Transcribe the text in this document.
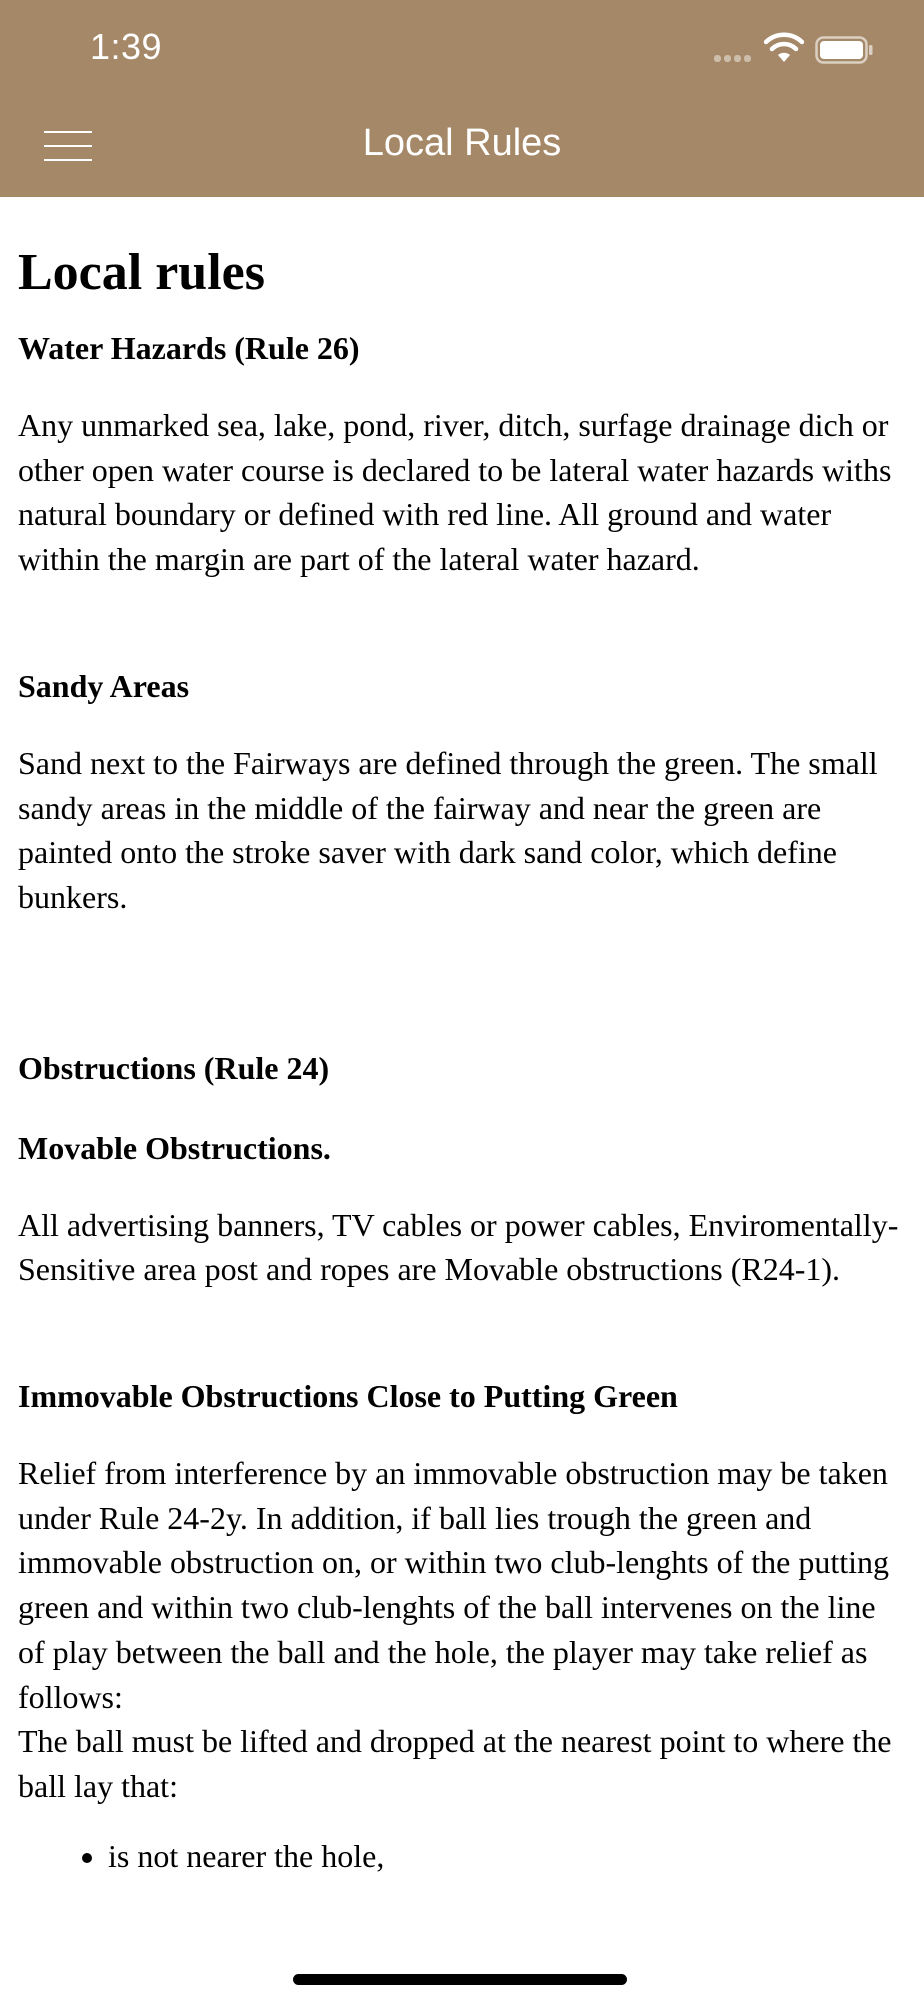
1:39
Local Rules
Local rules
Water Hazards (Rule 26)

Any unmarked sea, lake, pond, river, ditch, surfage drainage dich or other open water course is declared to be lateral water hazards withs natural boundary or defined with red line. All ground and water within the margin are part of the lateral water hazard.

Sandy Areas

Sand next to the Fairways are defined through the green. The small sandy areas in the middle of the fairway and near the green are painted onto the stroke saver with dark sand color, which define bunkers.

Obstructions (Rule 24)
Movable Obstructions.

All advertising banners, TV cables or power cables, Enviromentally-Sensitive area post and ropes are Movable obstructions (R24-1).

Immovable Obstructions Close to Putting Green

Relief from interference by an immovable obstruction may be taken under Rule 24-2y. In addition, if ball lies trough the green and immovable obstruction on, or within two club-lenghts of the putting green and within two club-lenghts of the ball intervenes on the line of play between the ball and the hole, the player may take relief as follows:

The ball must be lifted and dropped at the nearest point to where the ball lay that:

• is not nearer the hole,
